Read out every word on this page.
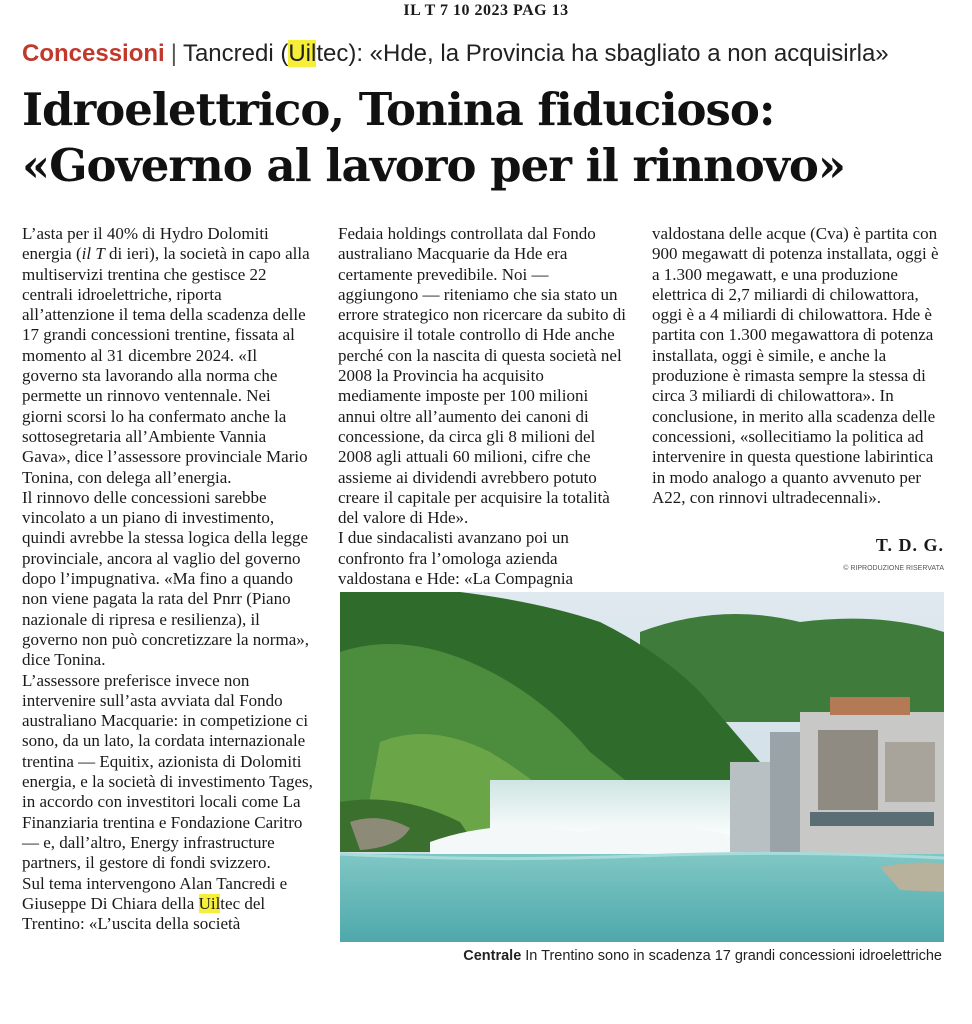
IL T 7 10 2023 PAG 13
Concessioni | Tancredi (Uiltec): «Hde, la Provincia ha sbagliato a non acquisirla»
Idroelettrico, Tonina fiducioso:
«Governo al lavoro per il rinnovo»

L’asta per il 40% di Hydro Dolomiti energia (il T di ieri), la società in capo alla multiservizi trentina che gestisce 22 centrali idroelettriche, riporta all’attenzione il tema della scadenza delle 17 grandi concessioni trentine, fissata al momento al 31 dicembre 2024. «Il governo sta lavorando alla norma che permette un rinnovo ventennale. Nei giorni scorsi lo ha confermato anche la sottosegretaria all’Ambiente Vannia Gava», dice l’assessore provinciale Mario Tonina, con delega all’energia.

Il rinnovo delle concessioni sarebbe vincolato a un piano di investimento, quindi avrebbe la stessa logica della legge provinciale, ancora al vaglio del governo dopo l’impugnativa. «Ma fino a quando non viene pagata la rata del Pnrr (Piano nazionale di ripresa e resilienza), il governo non può concretizzare la norma», dice Tonina.

L’assessore preferisce invece non intervenire sull’asta avviata dal Fondo australiano Macquarie: in competizione ci sono, da un lato, la cordata internazionale trentina — Equitix, azionista di Dolomiti energia, e la società di investimento Tages, in accordo con investitori locali come La Finanziaria trentina e Fondazione Caritro — e, dall’altro, Energy infrastructure partners, il gestore di fondi svizzero.

Sul tema intervengono Alan Tancredi e Giuseppe Di Chiara della Uiltec del Trentino: «L’uscita della società

Fedaia holdings controllata dal Fondo australiano Macquarie da Hde era certamente prevedibile. Noi — aggiungono — riteniamo che sia stato un errore strategico non ricercare da subito di acquisire il totale controllo di Hde anche perché con la nascita di questa società nel 2008 la Provincia ha acquisito mediamente imposte per 100 milioni annui oltre all’aumento dei canoni di concessione, da circa gli 8 milioni del 2008 agli attuali 60 milioni, cifre che assieme ai dividendi avrebbero potuto creare il capitale per acquisire la totalità del valore di Hde».

I due sindacalisti avanzano poi un confronto fra l’omologa azienda valdostana e Hde: «La Compagnia

valdostana delle acque (Cva) è partita con 900 megawatt di potenza installata, oggi è a 1.300 megawatt, e una produzione elettrica di 2,7 miliardi di chilowattora, oggi è a 4 miliardi di chilowattora. Hde è partita con 1.300 megawattora di potenza installata, oggi è simile, e anche la produzione è rimasta sempre la stessa di circa 3 miliardi di chilowattora». In conclusione, in merito alla scadenza delle concessioni, «sollecitiamo la politica ad intervenire in questa questione labirintica in modo analogo a quanto avvenuto per A22, con rinnovi ultradecennali».

T. D. G.
© RIPRODUZIONE RISERVATA
Centrale In Trentino sono in scadenza 17 grandi concessioni idroelettriche
